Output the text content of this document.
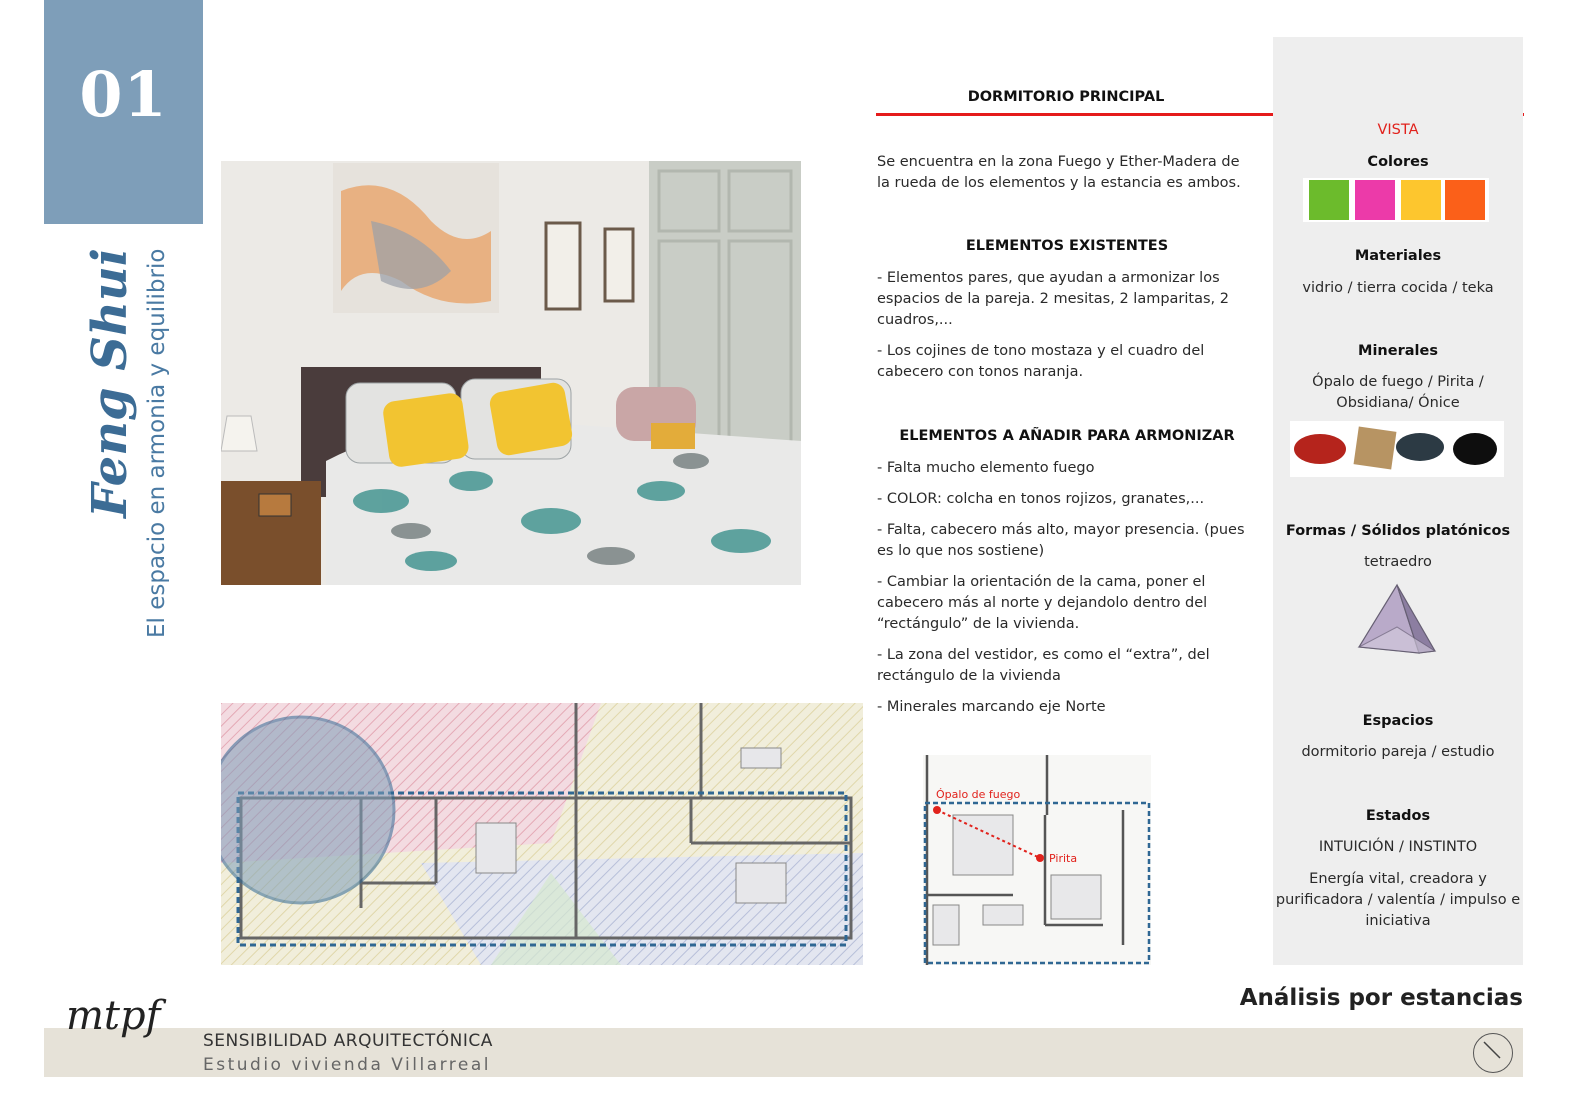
01
Feng Shui El espacio en armonia y equilibrio
DORMITORIO PRINCIPAL

Se encuentra en la zona Fuego y Ether-Madera de la rueda de los elementos y la estancia es ambos.

ELEMENTOS EXISTENTES

- Elementos pares, que ayudan a armonizar los espacios de la pareja. 2 mesitas, 2 lamparitas, 2 cuadros,...

- Los cojines de tono mostaza y el cuadro del cabecero con tonos naranja.

ELEMENTOS A AÑADIR PARA ARMONIZAR

- Falta mucho elemento fuego

- COLOR: colcha en tonos rojizos, granates,...

- Falta, cabecero más alto, mayor presencia. (pues es lo que nos sostiene)

- Cambiar la orientación de la cama, poner el cabecero más al norte y dejandolo dentro del “rectángulo” de la vivienda.

- La zona del vestidor, es como el “extra”, del rectángulo de la vivienda

- Minerales marcando eje Norte

Ópalo de fuego
Pirita
VISTA
Colores
Materiales
vidrio / tierra cocida / teka
Minerales
Ópalo de fuego / Pirita / Obsidiana/ Ónice
Formas / Sólidos platónicos
tetraedro
Espacios
dormitorio pareja / estudio
Estados
INTUICIÓN / INSTINTO
Energía vital, creadora y purificadora / valentía / impulso e iniciativa
Análisis por estancias
mtpf
SENSIBILIDAD ARQUITECTÓNICA
Estudio vivienda Villarreal
